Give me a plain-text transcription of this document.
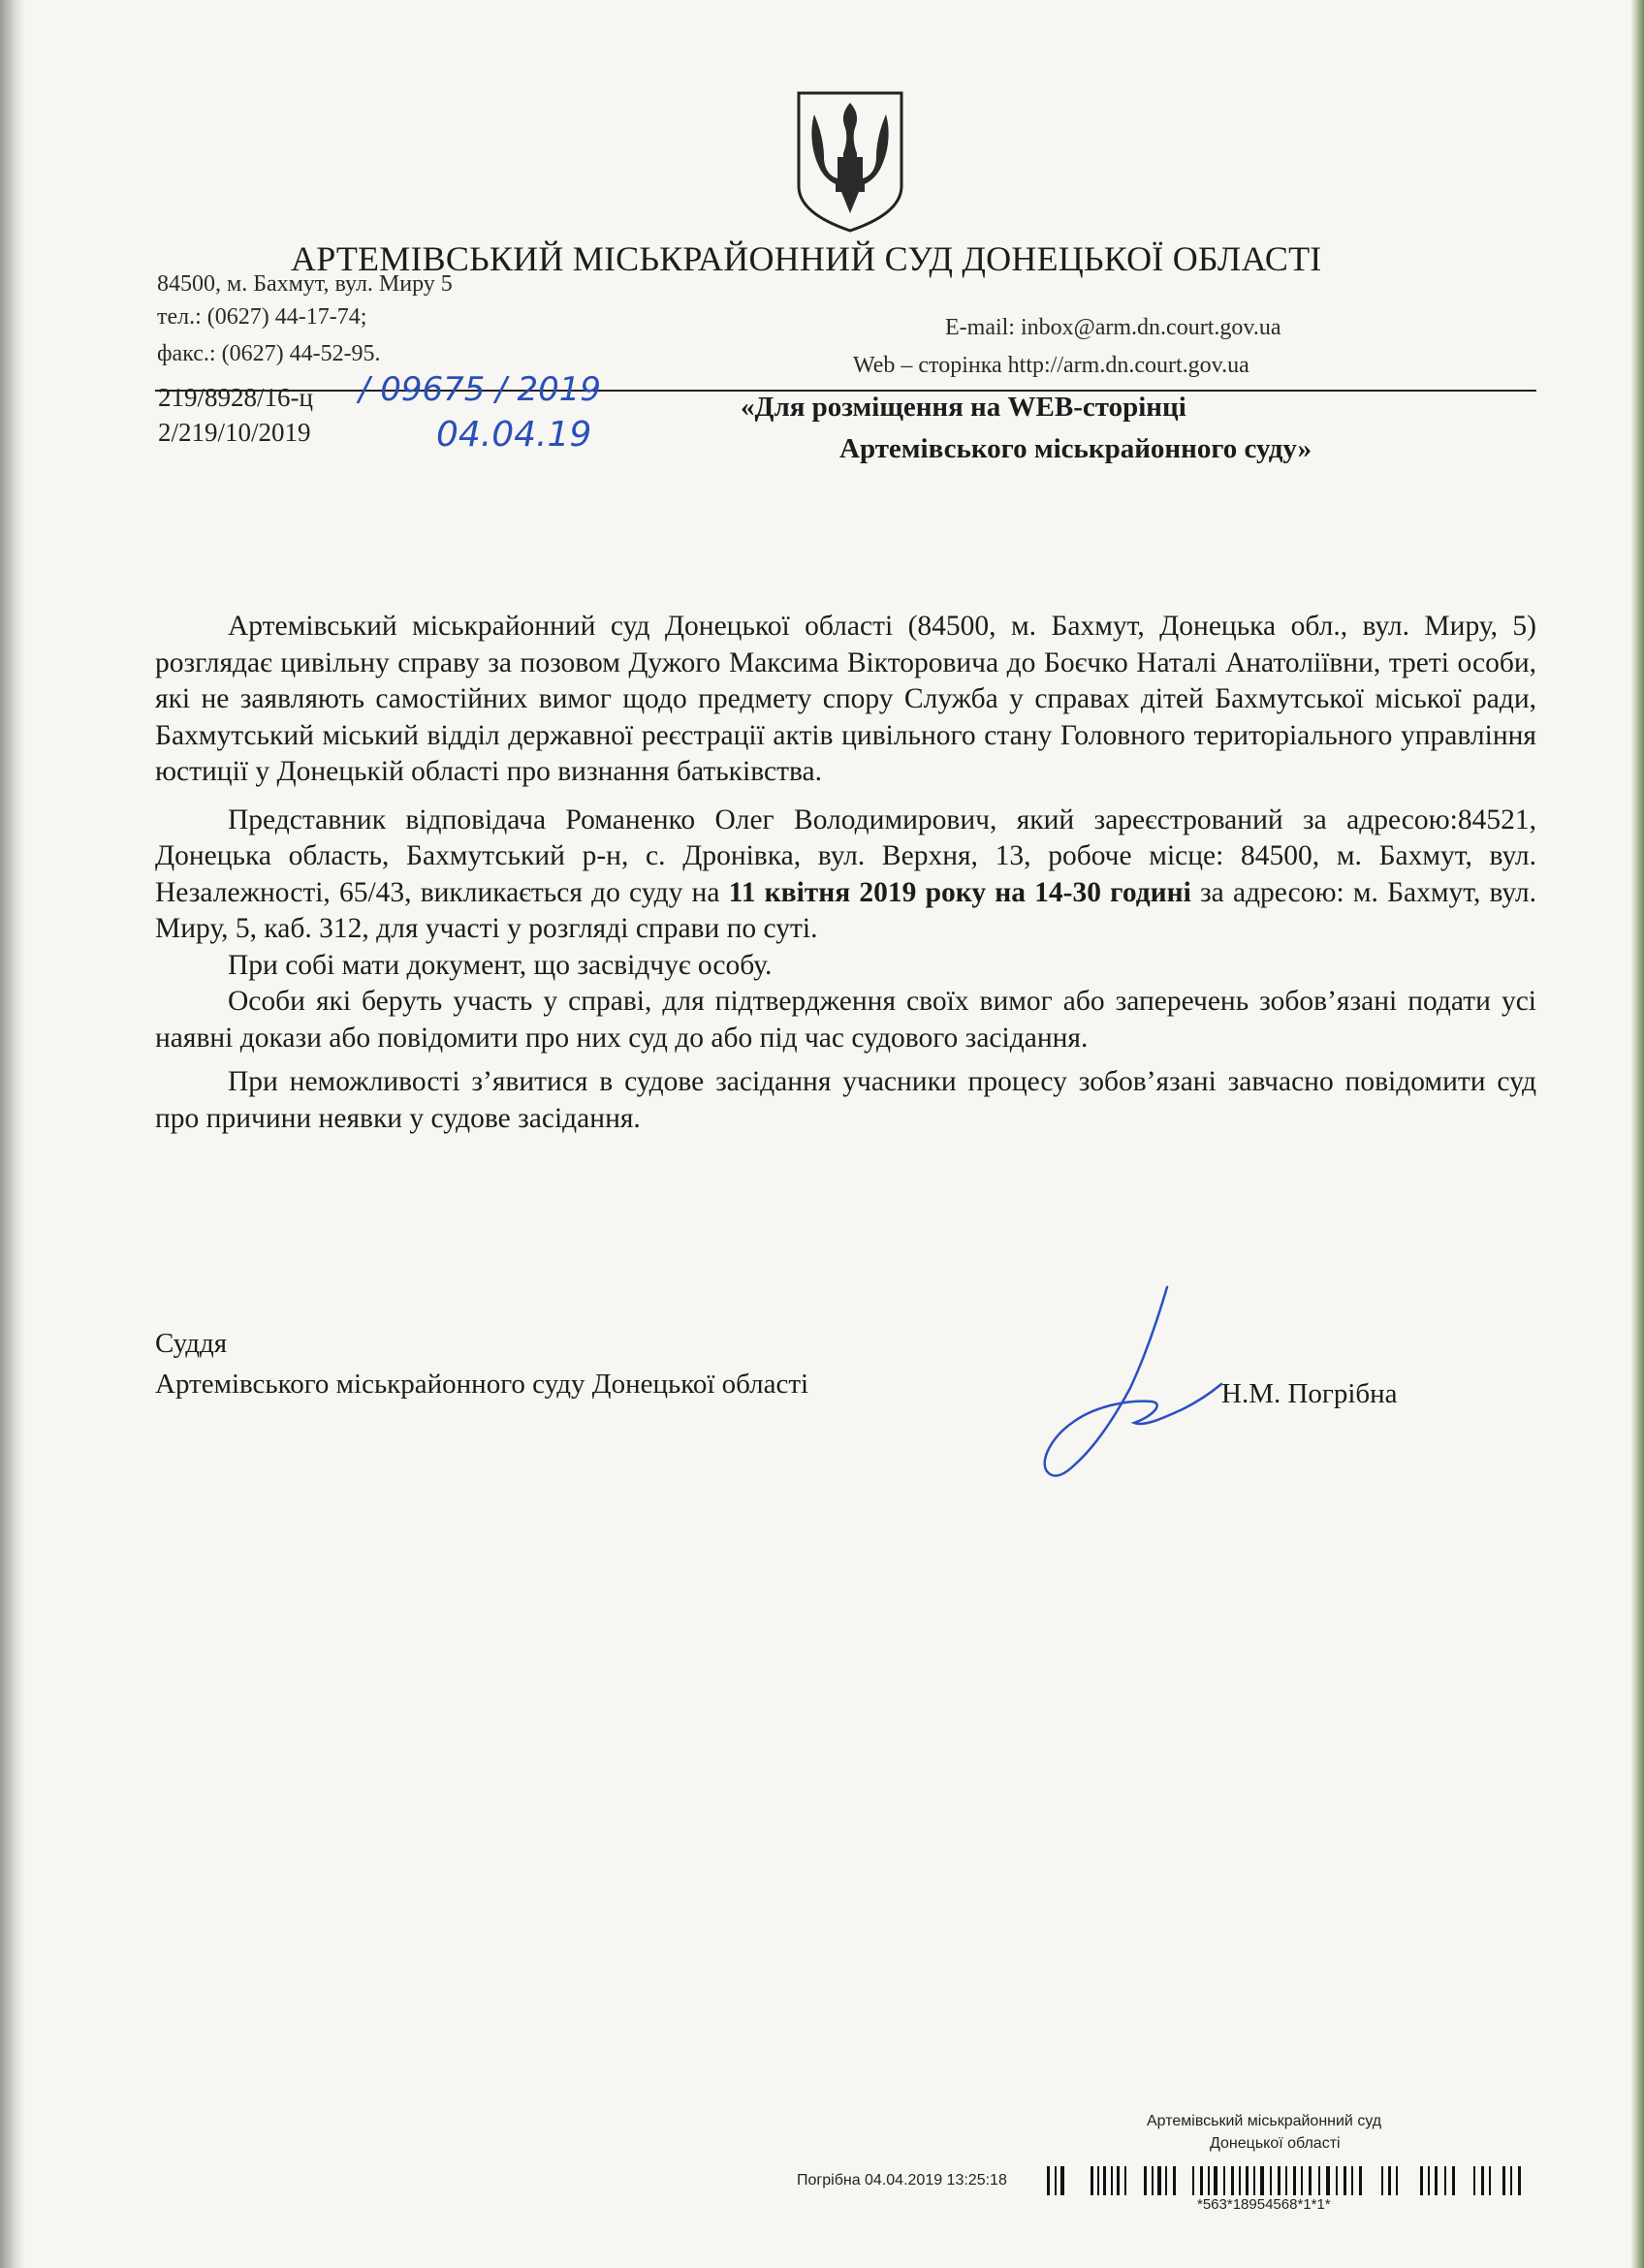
АРТЕМІВСЬКИЙ МІСЬКРАЙОННИЙ СУД ДОНЕЦЬКОЇ ОБЛАСТІ
84500, м. Бахмут, вул. Миру 5
тел.: (0627) 44-17-74;
факс.: (0627) 44-52-95.
E-mail: inbox@arm.dn.court.gov.ua
Web – сторінка http://arm.dn.court.gov.ua
219/8928/16-ц
2/219/10/2019
/ 09675 / 2019
04.04.19
«Для розміщення на WEB-сторінці
Артемівського міськрайонного суду»

Артемівський міськрайонний суд Донецької області (84500, м. Бахмут, Донецька обл., вул. Миру, 5) розглядає цивільну справу за позовом Дужого Максима Вікторовича до Боєчко Наталі Анатоліївни, треті особи, які не заявляють самостійних вимог щодо предмету спору Служба у справах дітей Бахмутської міської ради, Бахмутський міський відділ державної реєстрації актів цивільного стану Головного територіального управління юстиції у Донецькій області про визнання батьківства.

Представник відповідача Романенко Олег Володимирович, який зареєстрований за адресою:84521, Донецька область, Бахмутський р-н, с. Дронівка, вул. Верхня, 13, робоче місце: 84500, м. Бахмут, вул. Незалежності, 65/43, викликається до суду на 11 квітня 2019 року на 14-30 годині за адресою: м. Бахмут, вул. Миру, 5, каб. 312, для участі у розгляді справи по суті.

При собі мати документ, що засвідчує особу.

Особи які беруть участь у справі, для підтвердження своїх вимог або заперечень зобов’язані подати усі наявні докази або повідомити про них суд до або під час судового засідання.

При неможливості з’явитися в судове засідання учасники процесу зобов’язані завчасно повідомити суд про причини неявки у судове засідання.

Суддя
Артемівського міськрайонного суду Донецької області	Н.М. Погрібна
Артемівський міськрайонний суд
Донецької області
Погрібна 04.04.2019 13:25:18
*563*18954568*1*1*
